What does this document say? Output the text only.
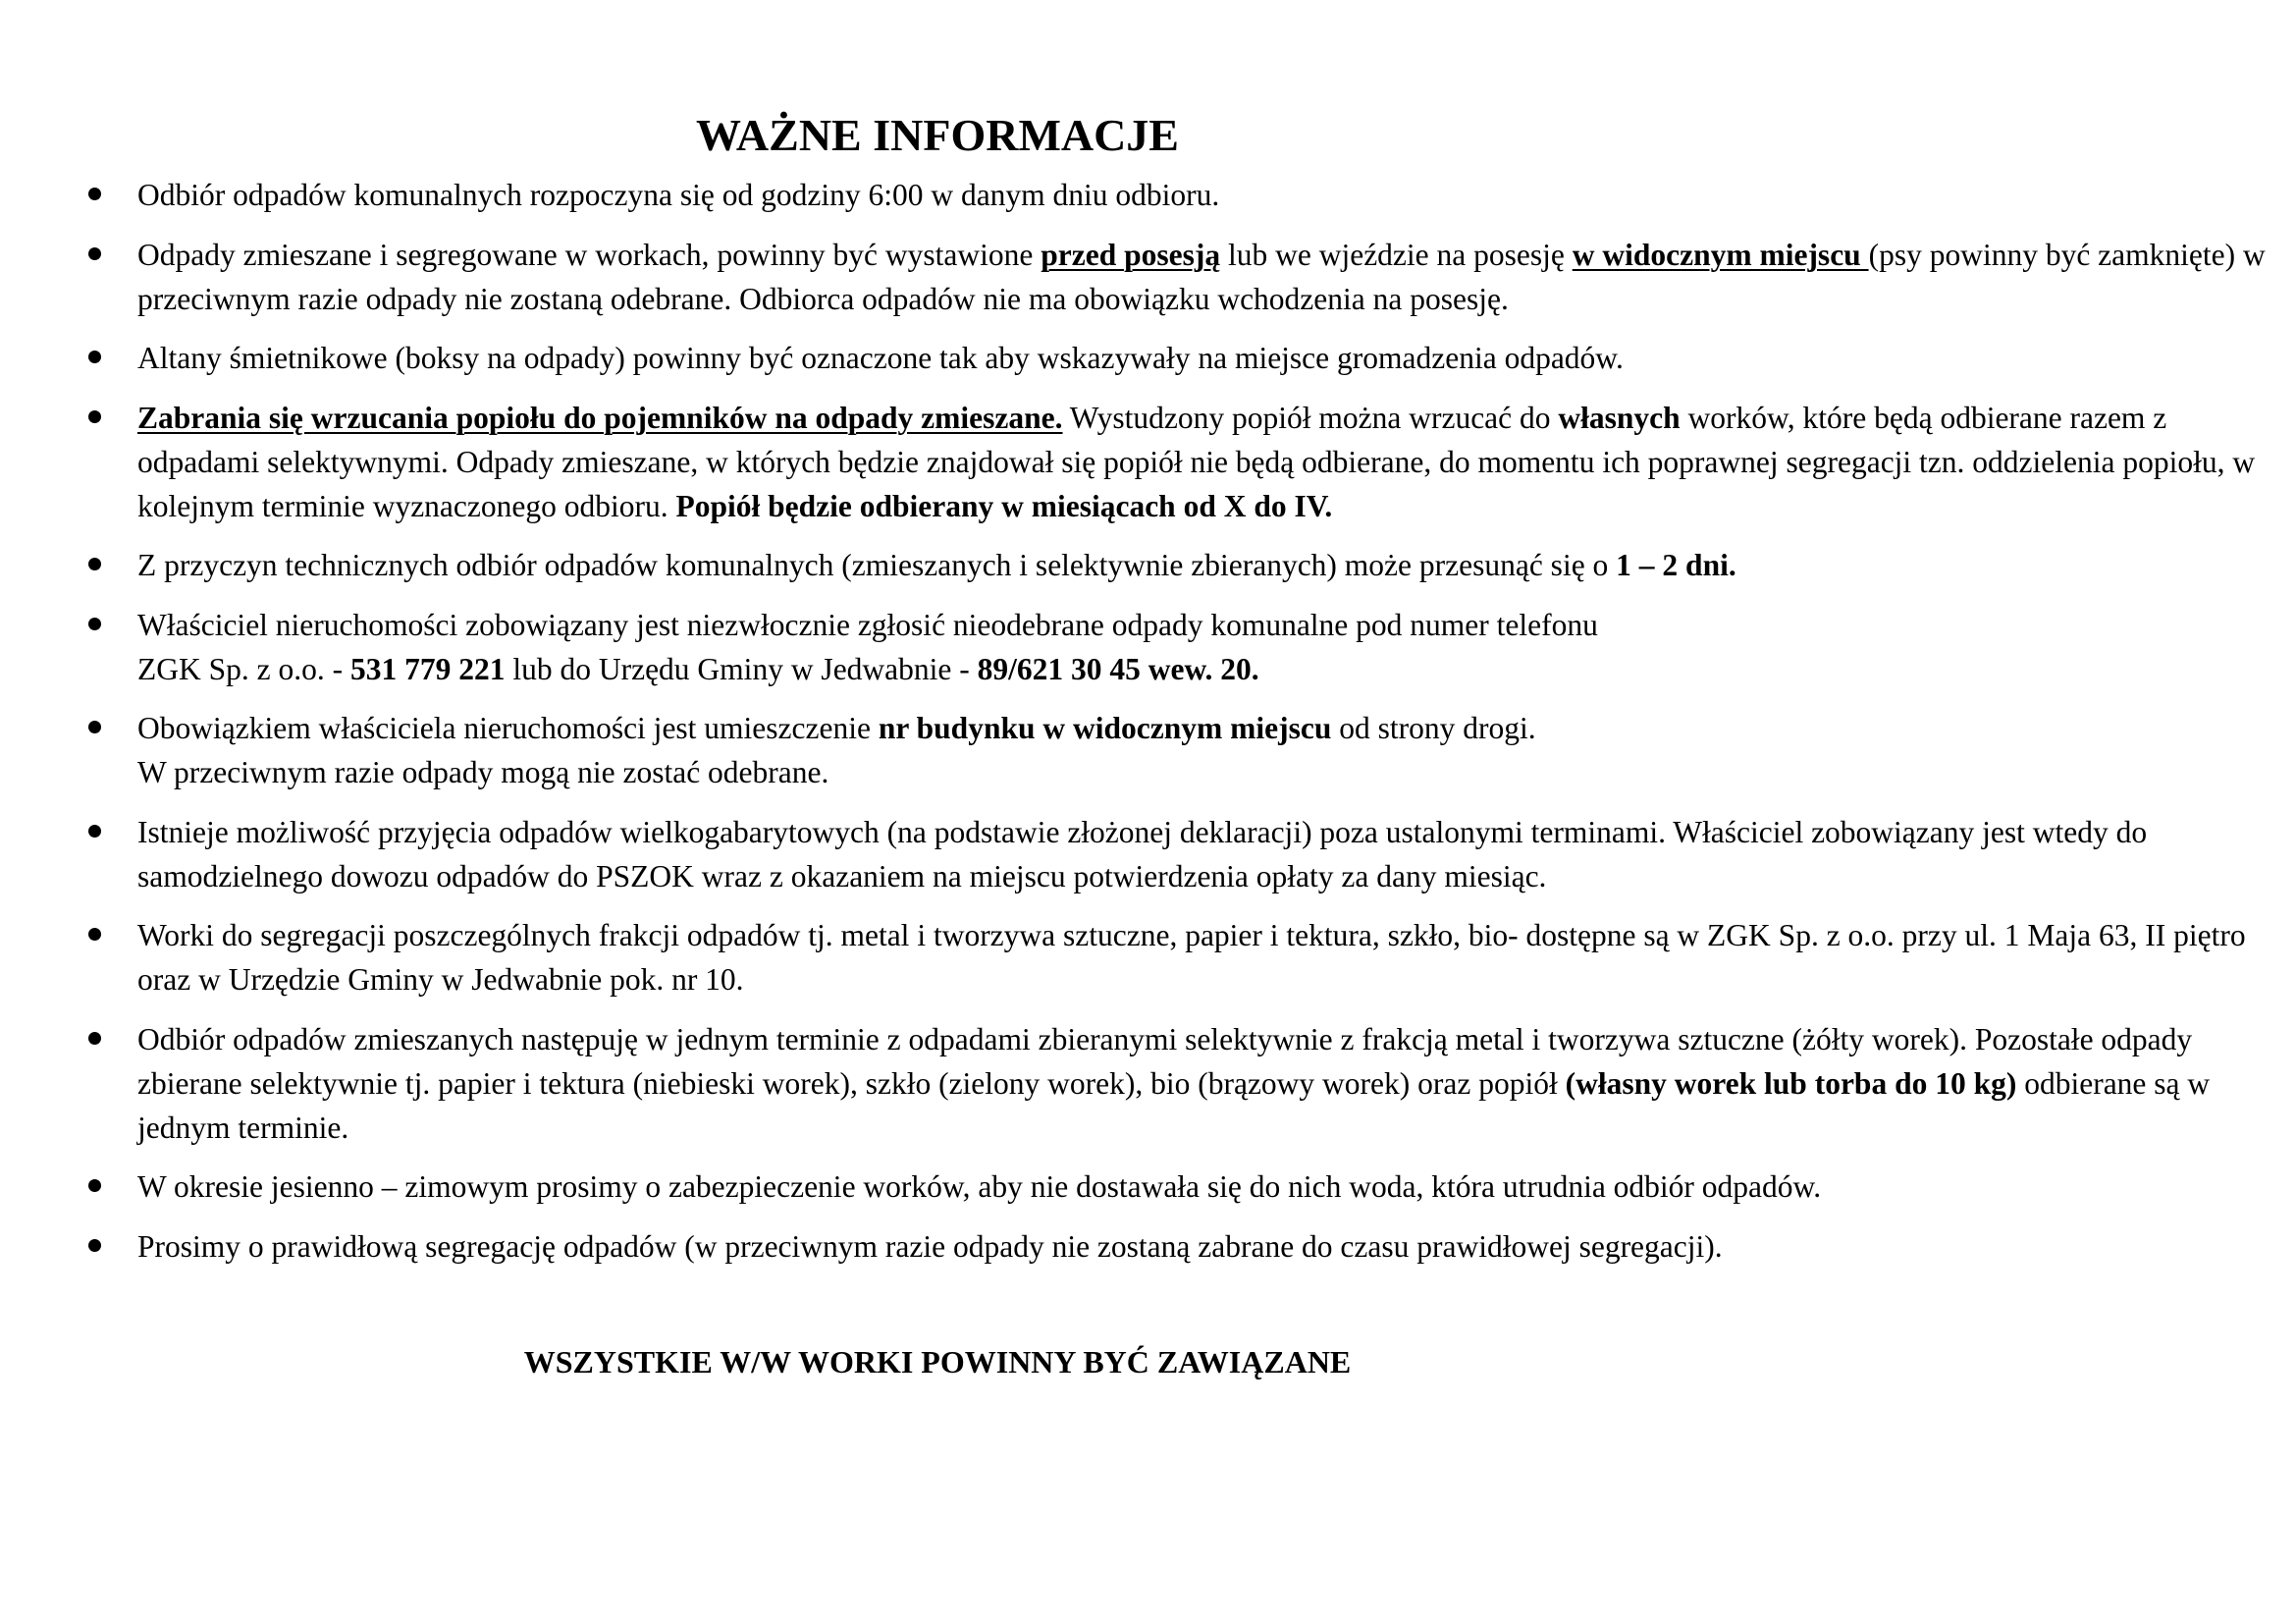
WAŻNE INFORMACJE
Odbiór odpadów komunalnych rozpoczyna się od godziny 6:00 w danym dniu odbioru.
Odpady zmieszane i segregowane w workach, powinny być wystawione przed posesją lub we wjeździe na posesję w widocznym miejscu (psy powinny być zamknięte) w przeciwnym razie odpady nie zostaną odebrane. Odbiorca odpadów nie ma obowiązku wchodzenia na posesję.
Altany śmietnikowe (boksy na odpady) powinny być oznaczone tak aby wskazywały na miejsce gromadzenia odpadów.
Zabrania się wrzucania popiołu do pojemników na odpady zmieszane. Wystudzony popiół można wrzucać do własnych worków, które będą odbierane razem z odpadami selektywnymi. Odpady zmieszane, w których będzie znajdował się popiół nie będą odbierane, do momentu ich poprawnej segregacji tzn. oddzielenia popiołu, w kolejnym terminie wyznaczonego odbioru. Popiół będzie odbierany w miesiącach od X do IV.
Z przyczyn technicznych odbiór odpadów komunalnych (zmieszanych i selektywnie zbieranych) może przesunąć się o 1 – 2 dni.
Właściciel nieruchomości zobowiązany jest niezwłocznie zgłosić nieodebrane odpady komunalne pod numer telefonu
ZGK Sp. z o.o. - 531 779 221 lub do Urzędu Gminy w Jedwabnie - 89/621 30 45 wew. 20.
Obowiązkiem właściciela nieruchomości jest umieszczenie nr budynku w widocznym miejscu od strony drogi.
W przeciwnym razie odpady mogą nie zostać odebrane.
Istnieje możliwość przyjęcia odpadów wielkogabarytowych (na podstawie złożonej deklaracji) poza ustalonymi terminami. Właściciel zobowiązany jest wtedy do samodzielnego dowozu odpadów do PSZOK wraz z okazaniem na miejscu potwierdzenia opłaty za dany miesiąc.
Worki do segregacji poszczególnych frakcji odpadów tj. metal i tworzywa sztuczne, papier i tektura, szkło, bio- dostępne są w ZGK Sp. z o.o. przy ul. 1 Maja 63, II piętro oraz w Urzędzie Gminy w Jedwabnie pok. nr 10.
Odbiór odpadów zmieszanych następuję w jednym terminie z odpadami zbieranymi selektywnie z frakcją metal i tworzywa sztuczne (żółty worek). Pozostałe odpady zbierane selektywnie tj. papier i tektura (niebieski worek), szkło (zielony worek), bio (brązowy worek) oraz popiół (własny worek lub torba do 10 kg) odbierane są w jednym terminie.
W okresie jesienno – zimowym prosimy o zabezpieczenie worków, aby nie dostawała się do nich woda, która utrudnia odbiór odpadów.
Prosimy o prawidłową segregację odpadów (w przeciwnym razie odpady nie zostaną zabrane do czasu prawidłowej segregacji).

WSZYSTKIE W/W WORKI POWINNY BYĆ ZAWIĄZANE
